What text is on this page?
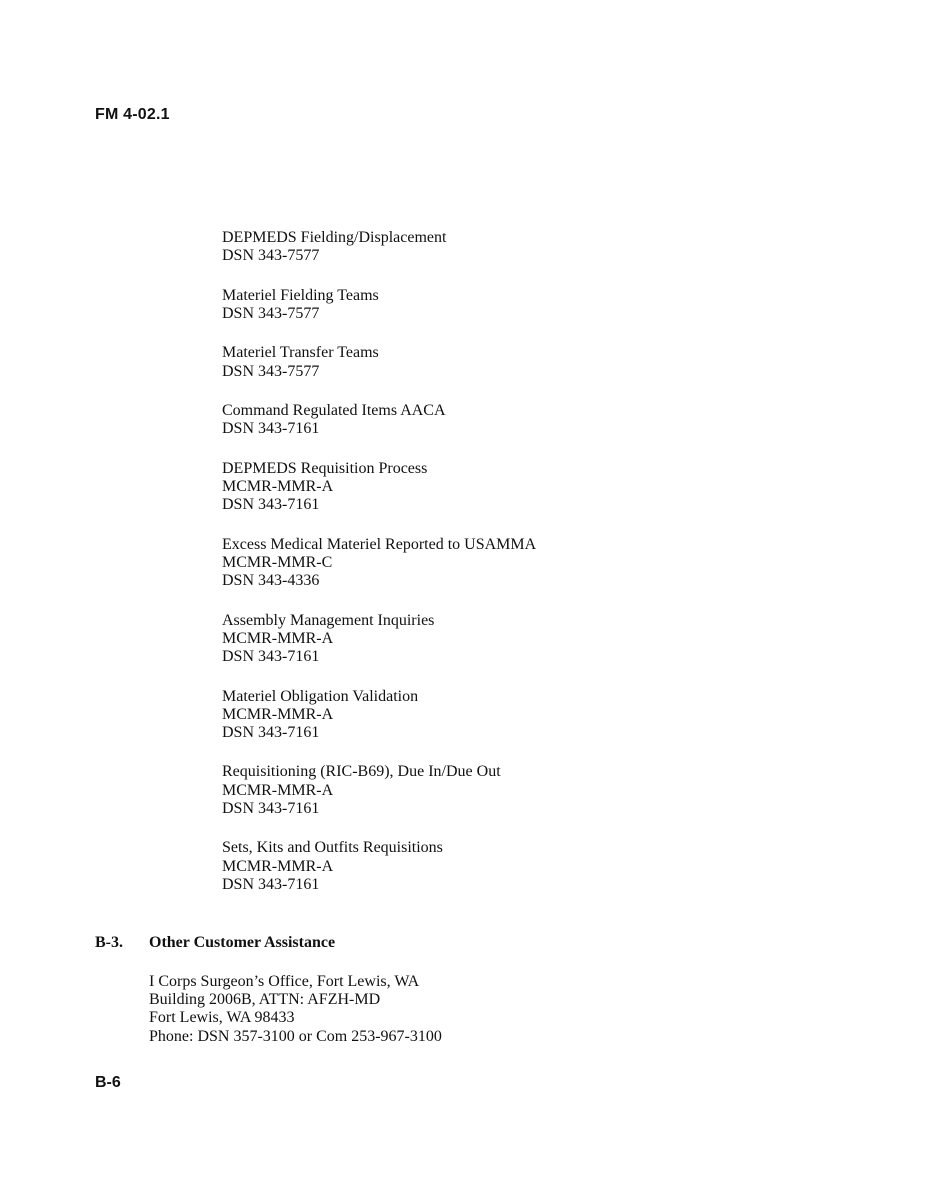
FM 4-02.1
DEPMEDS Fielding/Displacement
DSN 343-7577
Materiel Fielding Teams
DSN 343-7577
Materiel Transfer Teams
DSN 343-7577
Command Regulated Items AACA
DSN 343-7161
DEPMEDS Requisition Process
MCMR-MMR-A
DSN 343-7161
Excess Medical Materiel Reported to USAMMA
MCMR-MMR-C
DSN 343-4336
Assembly Management Inquiries
MCMR-MMR-A
DSN 343-7161
Materiel Obligation Validation
MCMR-MMR-A
DSN 343-7161
Requisitioning (RIC-B69), Due In/Due Out
MCMR-MMR-A
DSN 343-7161
Sets, Kits and Outfits Requisitions
MCMR-MMR-A
DSN 343-7161
B-3. Other Customer Assistance
I Corps Surgeon’s Office, Fort Lewis, WA
Building 2006B, ATTN: AFZH-MD
Fort Lewis, WA 98433
Phone: DSN 357-3100 or Com 253-967-3100
B-6
